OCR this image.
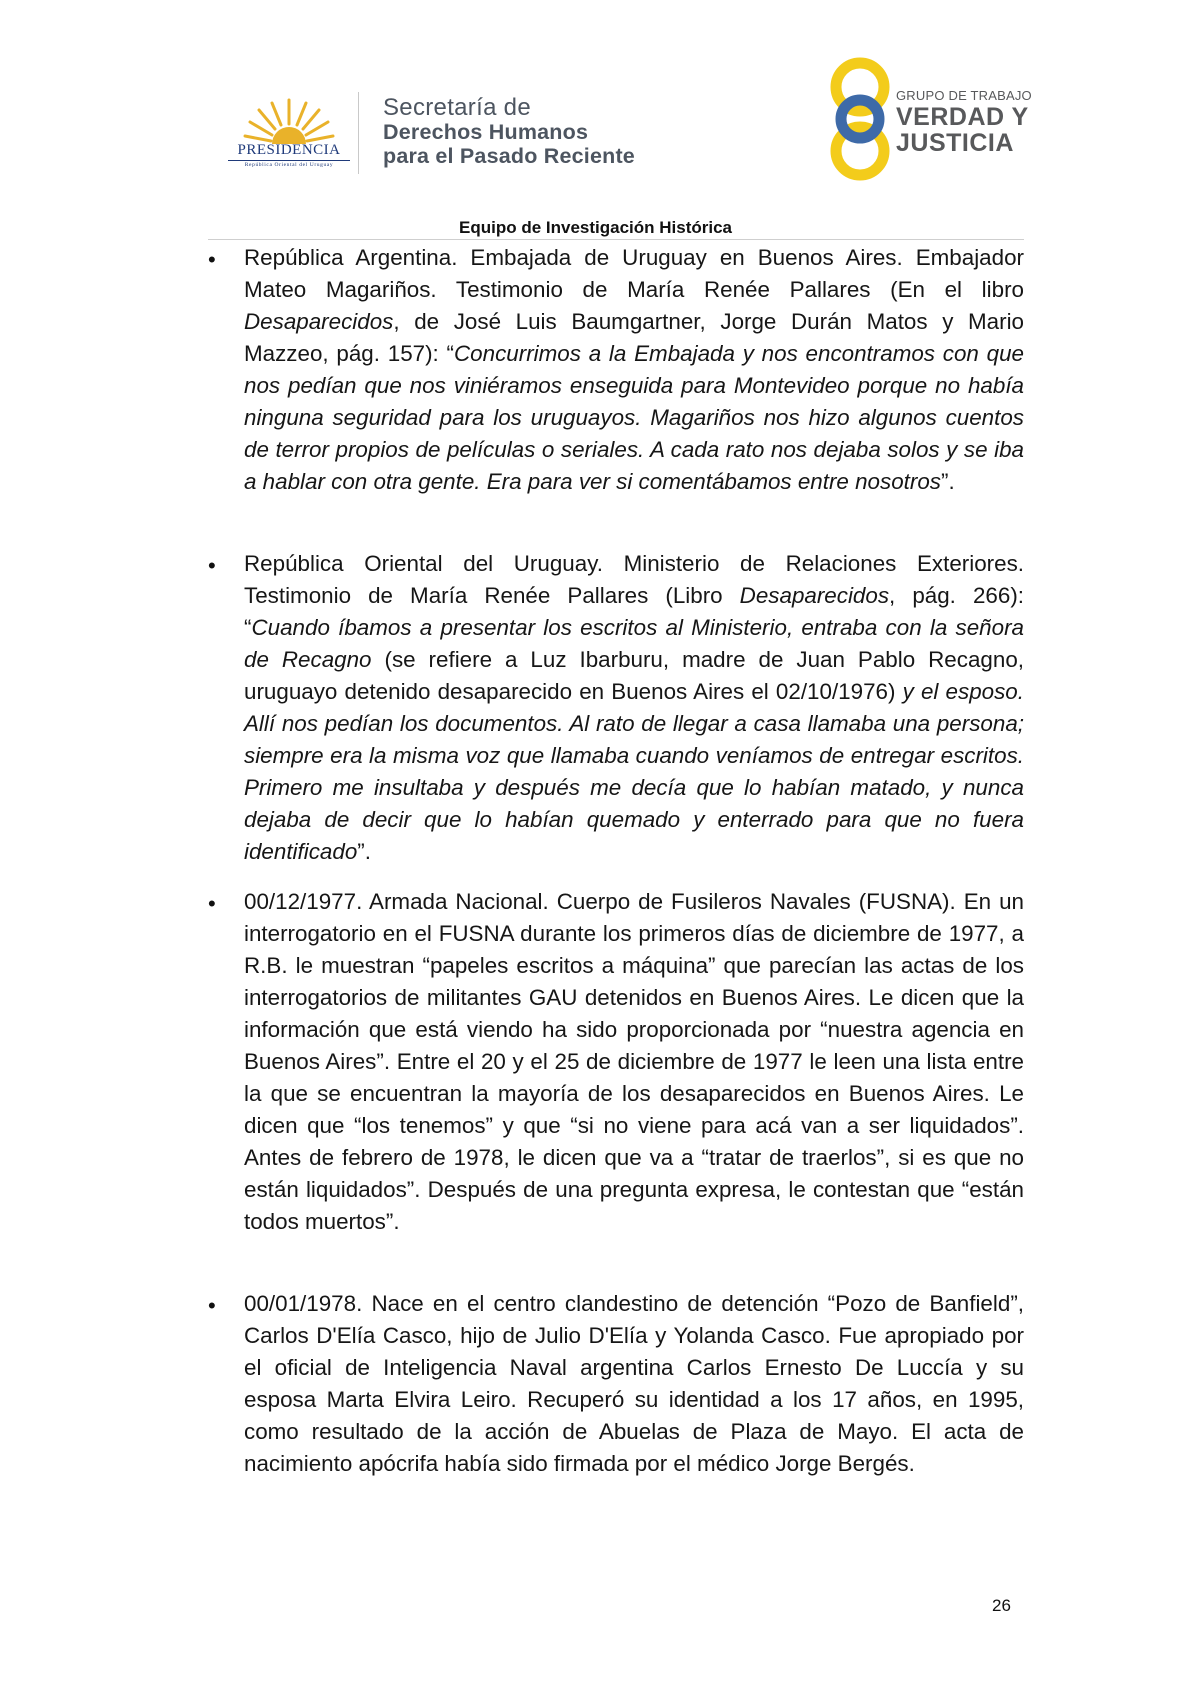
PRESIDENCIA
República Oriental del Uruguay
Secretaría de
Derechos Humanos
para el Pasado Reciente
GRUPO DE TRABAJO
VERDAD Y
JUSTICIA
Equipo de Investigación Histórica
• República Argentina. Embajada de Uruguay en Buenos Aires. Embajador Mateo Magariños. Testimonio de María Renée Pallares (En el libro Desaparecidos, de José Luis Baumgartner, Jorge Durán Matos y Mario Mazzeo, pág. 157): “Concurrimos a la Embajada y nos encontramos con que nos pedían que nos viniéramos enseguida para Montevideo porque no había ninguna seguridad para los uruguayos. Magariños nos hizo algunos cuentos de terror propios de películas o seriales. A cada rato nos dejaba solos y se iba a hablar con otra gente. Era para ver si comentábamos entre nosotros”.
• República Oriental del Uruguay. Ministerio de Relaciones Exteriores. Testimonio de María Renée Pallares (Libro Desaparecidos, pág. 266): “Cuando íbamos a presentar los escritos al Ministerio, entraba con la señora de Recagno (se refiere a Luz Ibarburu, madre de Juan Pablo Recagno, uruguayo detenido desaparecido en Buenos Aires el 02/10/1976) y el esposo. Allí nos pedían los documentos. Al rato de llegar a casa llamaba una persona; siempre era la misma voz que llamaba cuando veníamos de entregar escritos. Primero me insultaba y después me decía que lo habían matado, y nunca dejaba de decir que lo habían quemado y enterrado para que no fuera identificado”.
• 00/12/1977. Armada Nacional. Cuerpo de Fusileros Navales (FUSNA). En un interrogatorio en el FUSNA durante los primeros días de diciembre de 1977, a R.B. le muestran “papeles escritos a máquina” que parecían las actas de los interrogatorios de militantes GAU detenidos en Buenos Aires. Le dicen que la información que está viendo ha sido proporcionada por “nuestra agencia en Buenos Aires”. Entre el 20 y el 25 de diciembre de 1977 le leen una lista entre la que se encuentran la mayoría de los desaparecidos en Buenos Aires. Le dicen que “los tenemos” y que “si no viene para acá van a ser liquidados”. Antes de febrero de 1978, le dicen que va a “tratar de traerlos”, si es que no están liquidados”. Después de una pregunta expresa, le contestan que “están todos muertos”.
• 00/01/1978. Nace en el centro clandestino de detención “Pozo de Banfield”, Carlos D'Elía Casco, hijo de Julio D'Elía y Yolanda Casco. Fue apropiado por el oficial de Inteligencia Naval argentina Carlos Ernesto De Luccía y su esposa Marta Elvira Leiro. Recuperó su identidad a los 17 años, en 1995, como resultado de la acción de Abuelas de Plaza de Mayo. El acta de nacimiento apócrifa había sido firmada por el médico Jorge Bergés.
26
